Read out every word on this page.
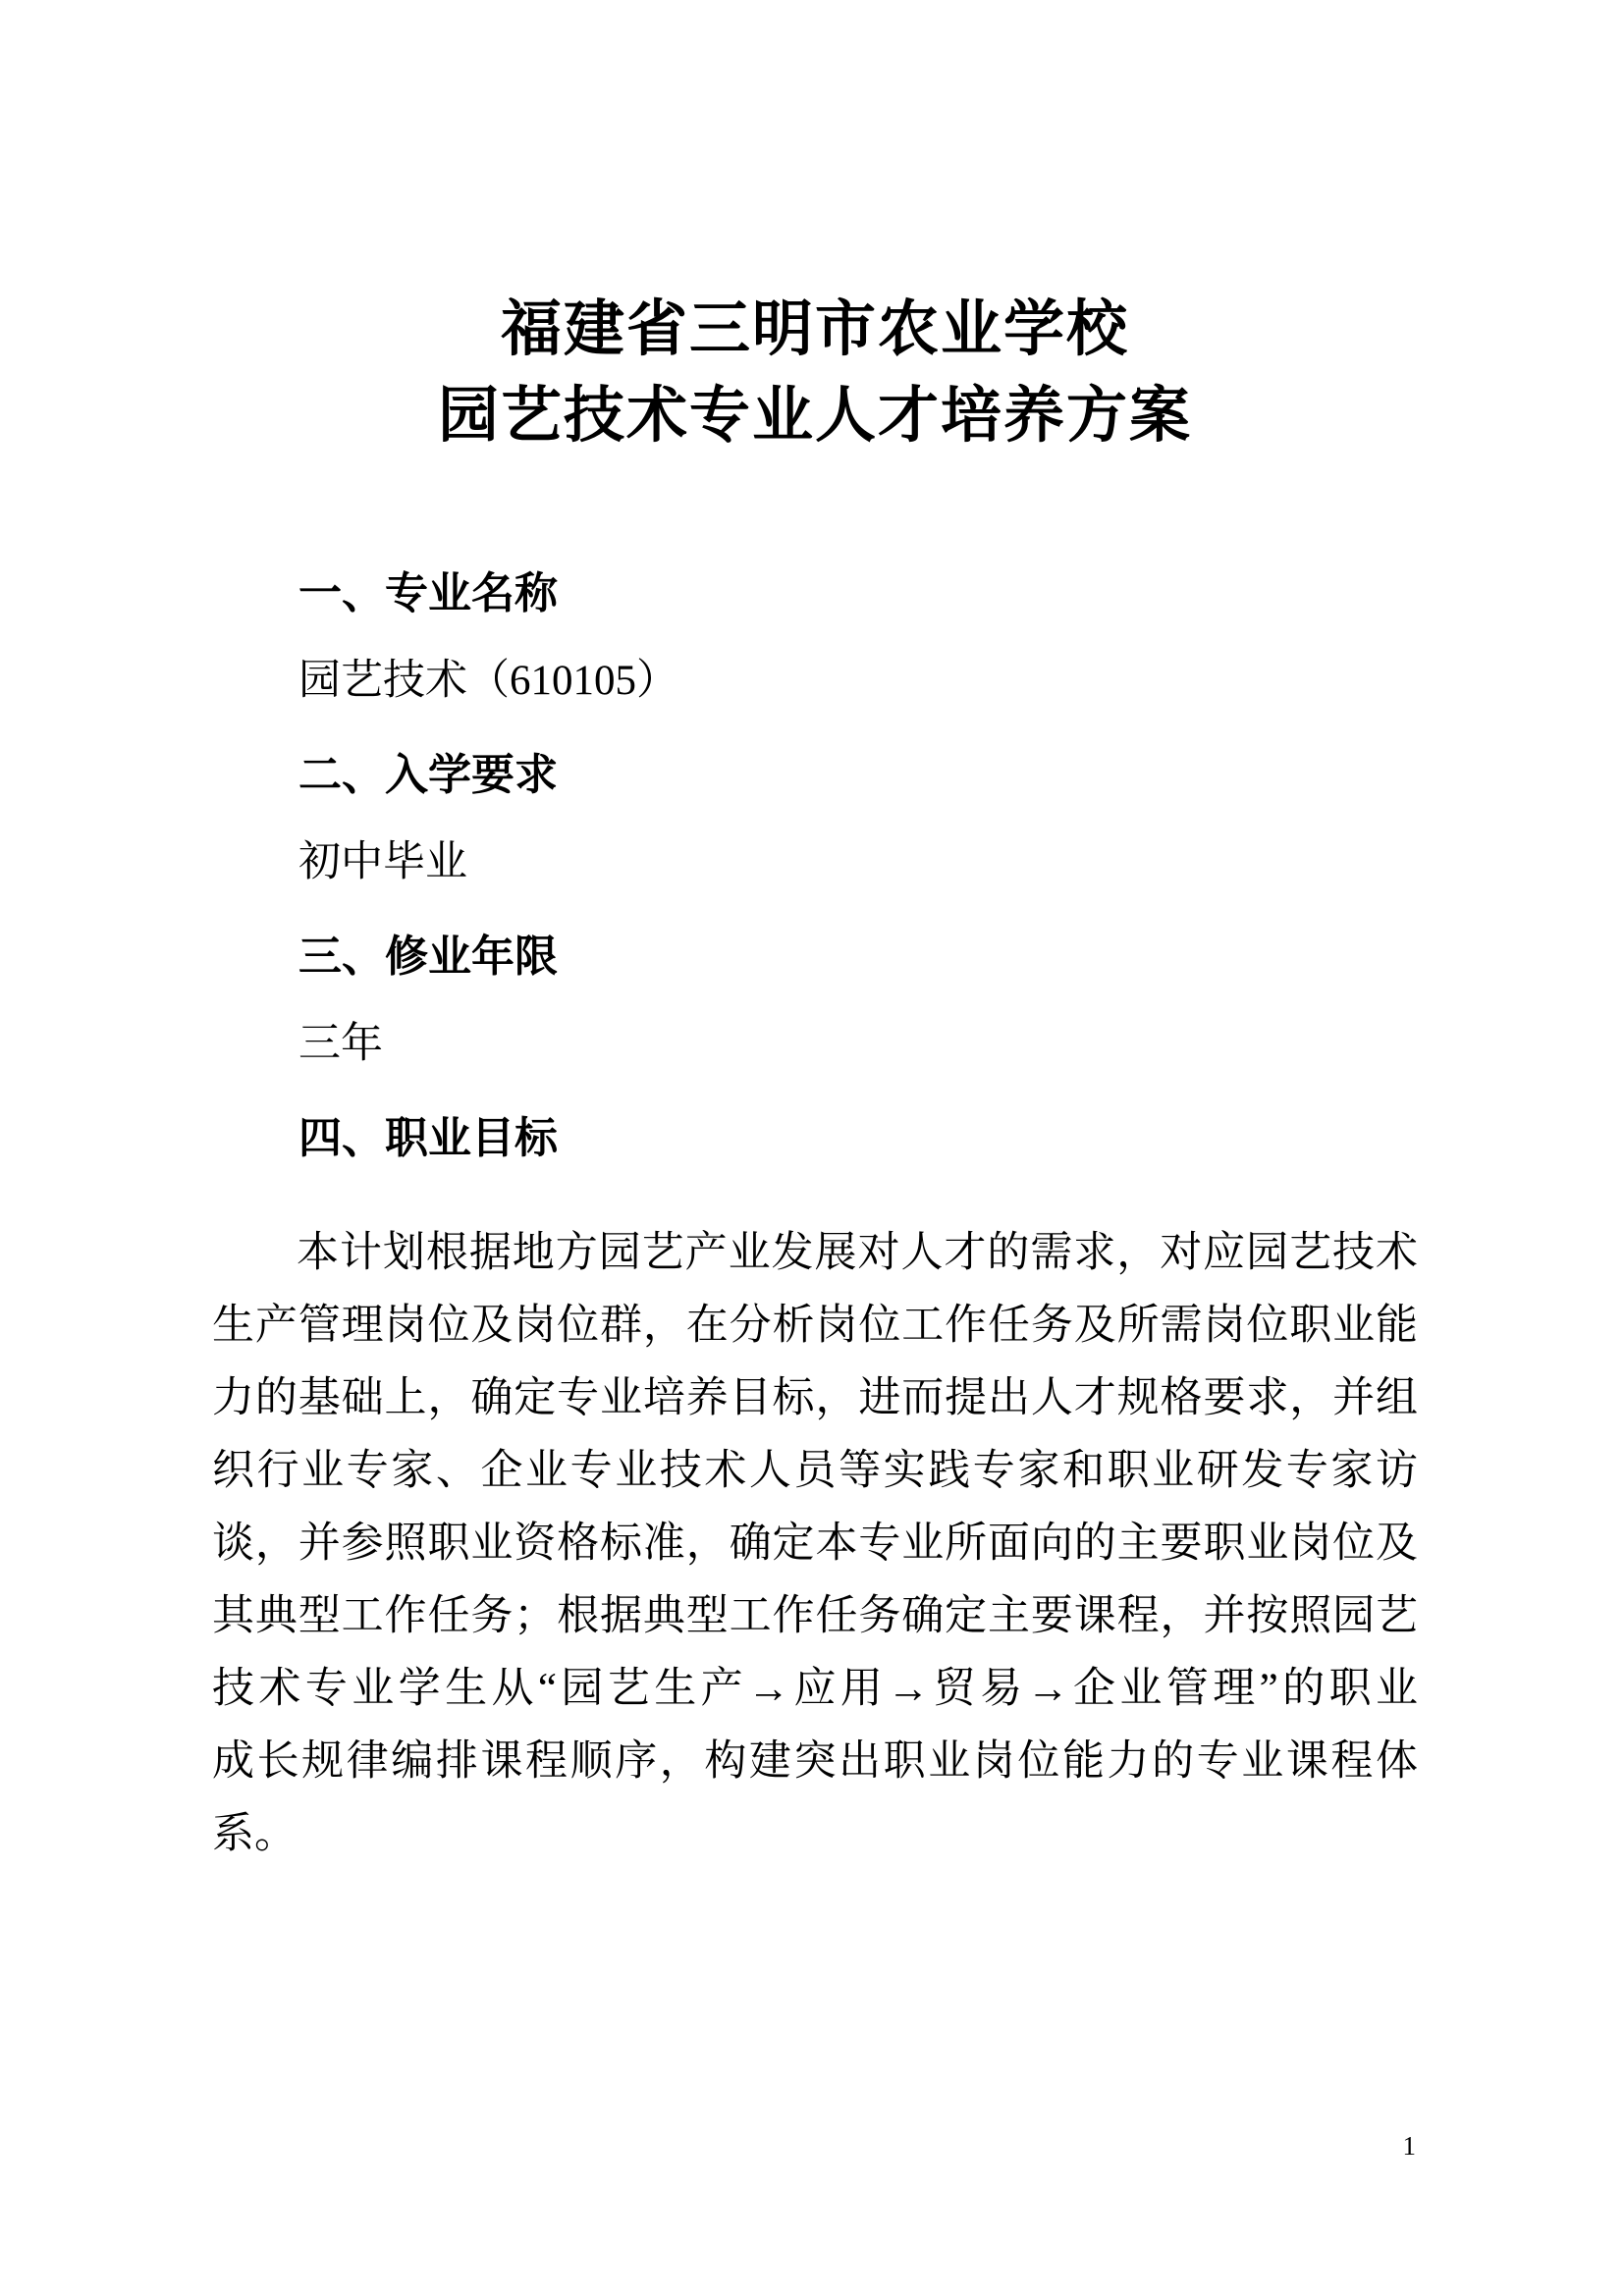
福建省三明市农业学校
园艺技术专业人才培养方案
一、专业名称
园艺技术（610105）
二、入学要求
初中毕业
三、修业年限
三年
四、职业目标
本计划根据地方园艺产业发展对人才的需求，对应园艺技术
生产管理岗位及岗位群，在分析岗位工作任务及所需岗位职业能
力的基础上，确定专业培养目标，进而提出人才规格要求，并组
织行业专家、企业专业技术人员等实践专家和职业研发专家访
谈，并参照职业资格标准，确定本专业所面向的主要职业岗位及
其典型工作任务；根据典型工作任务确定主要课程，并按照园艺
技术专业学生从“园艺生产→应用→贸易→企业管理”的职业
成长规律编排课程顺序，构建突出职业岗位能力的专业课程体
系。
1
